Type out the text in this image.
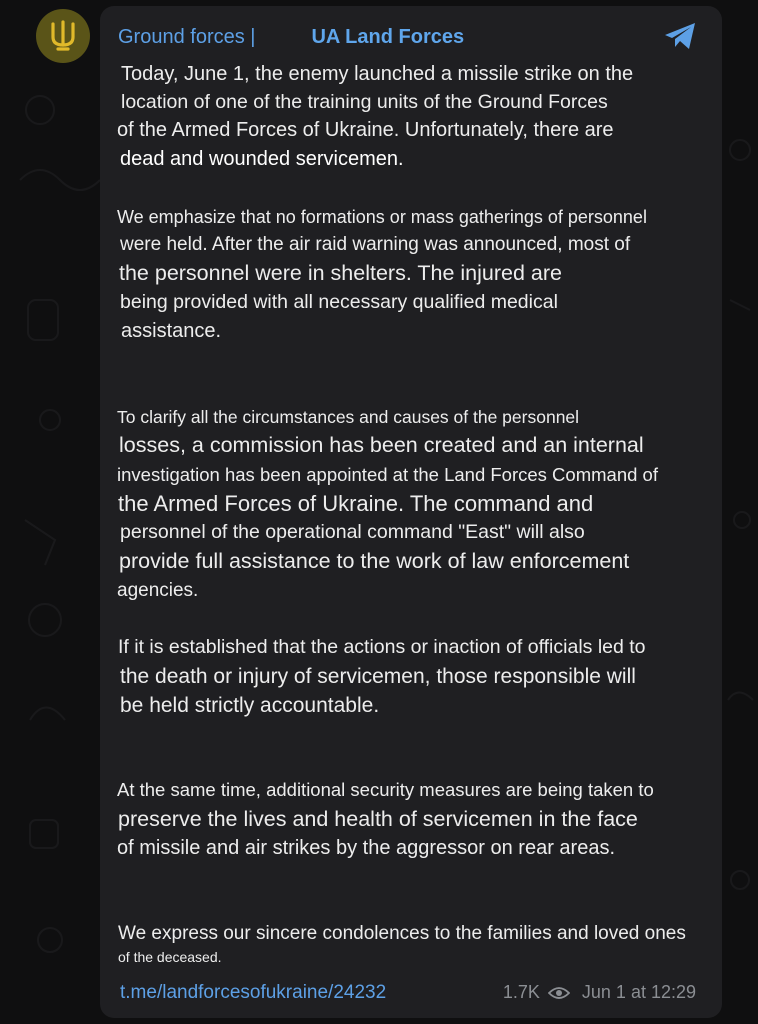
Ground forces |	UA Land Forces
Today, June 1, the enemy launched a missile strike on the
location of one of the training units of the Ground Forces
of the Armed Forces of Ukraine. Unfortunately, there are
dead and wounded servicemen.
We emphasize that no formations or mass gatherings of personnel
were held. After the air raid warning was announced, most of
the personnel were in shelters. The injured are
being provided with all necessary qualified medical
assistance.
To clarify all the circumstances and causes of the personnel
losses, a commission has been created and an internal
investigation has been appointed at the Land Forces Command of
the Armed Forces of Ukraine. The command and
personnel of the operational command "East" will also
provide full assistance to the work of law enforcement
agencies.
If it is established that the actions or inaction of officials led to
the death or injury of servicemen, those responsible will
be held strictly accountable.
At the same time, additional security measures are being taken to
preserve the lives and health of servicemen in the face
of missile and air strikes by the aggressor on rear areas.
We express our sincere condolences to the families and loved ones
of the deceased.
t.me/landforcesofukraine/24232	1.7K Jun 1 at 12:29
